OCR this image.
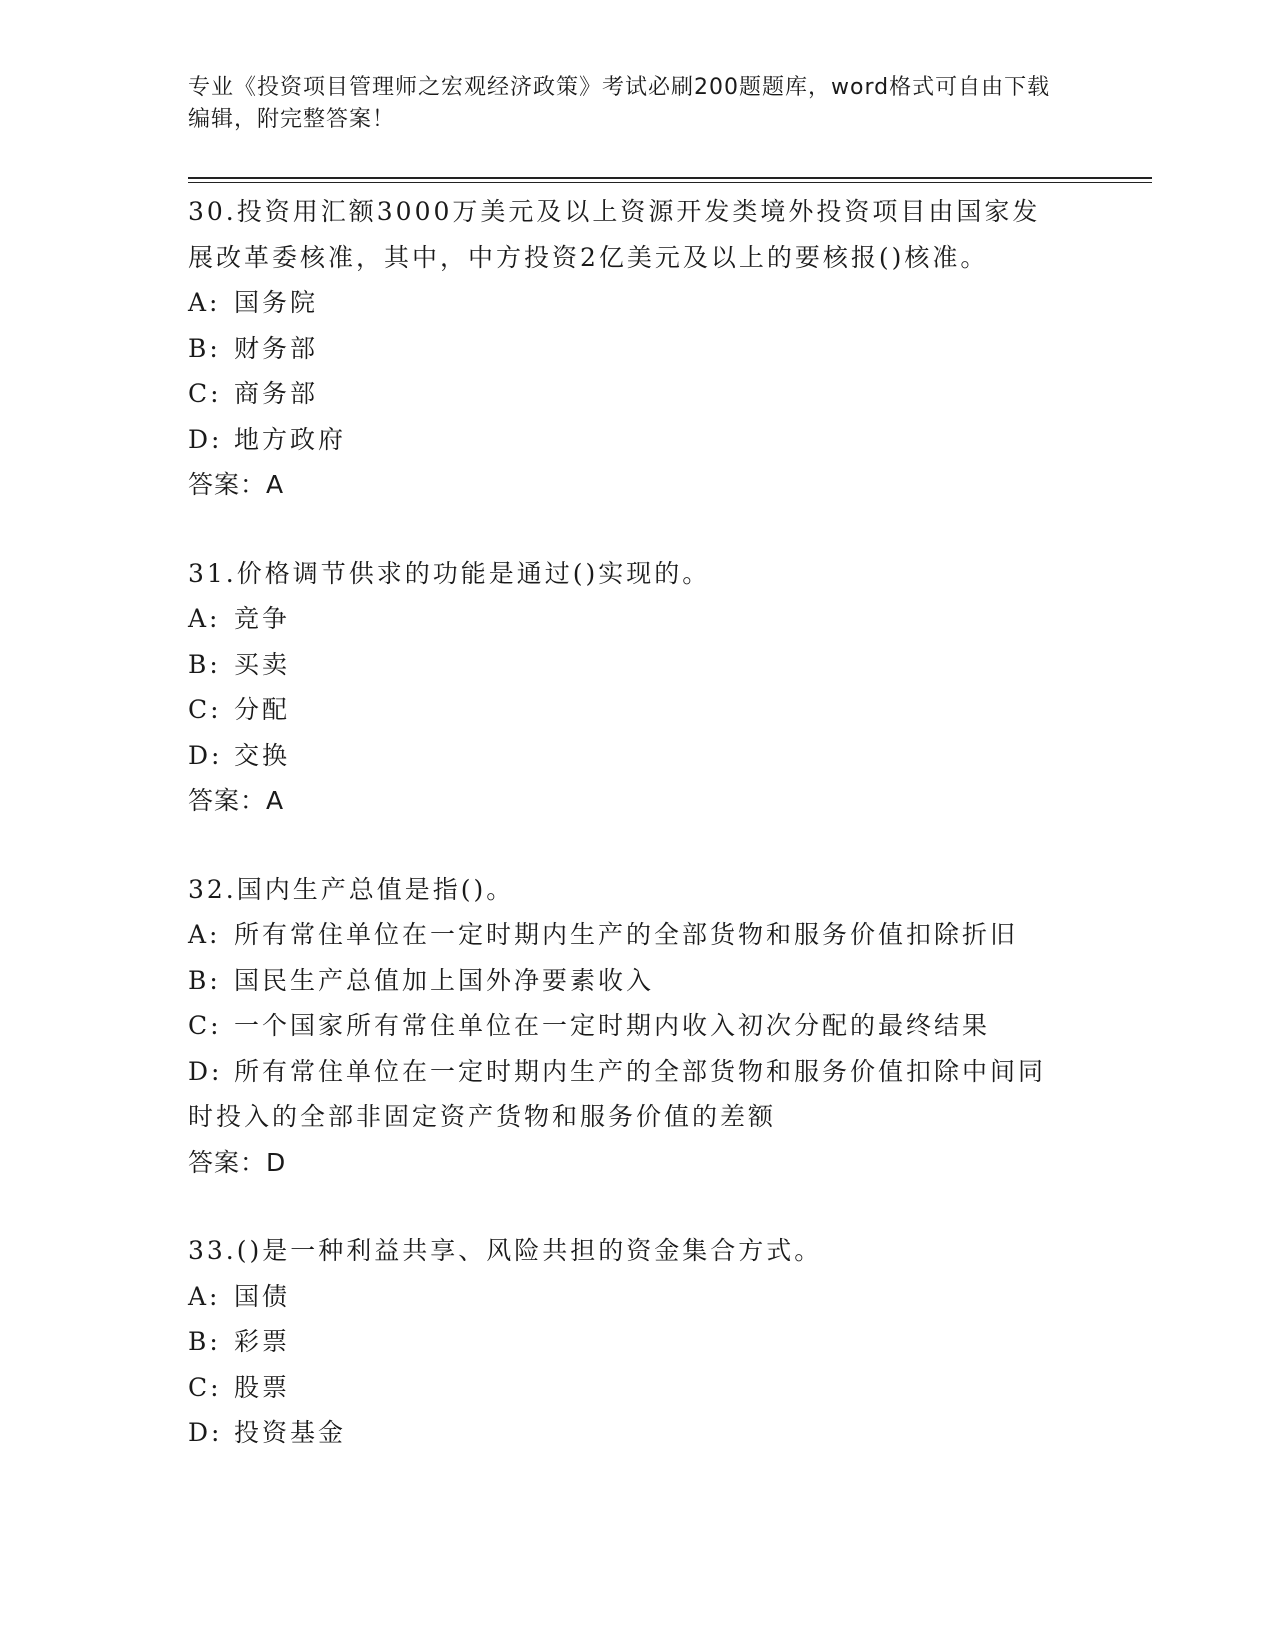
专业《投资项目管理师之宏观经济政策》考试必刷200题题库，word格式可自由下载编辑，附完整答案！
30.投资用汇额3000万美元及以上资源开发类境外投资项目由国家发展改革委核准，其中，中方投资2亿美元及以上的要核报()核准。
A: 国务院
B: 财务部
C: 商务部
D: 地方政府
答案：A
31.价格调节供求的功能是通过()实现的。
A: 竞争
B: 买卖
C: 分配
D: 交换
答案：A
32.国内生产总值是指()。
A: 所有常住单位在一定时期内生产的全部货物和服务价值扣除折旧
B: 国民生产总值加上国外净要素收入
C: 一个国家所有常住单位在一定时期内收入初次分配的最终结果
D: 所有常住单位在一定时期内生产的全部货物和服务价值扣除中间同时投入的全部非固定资产货物和服务价值的差额
答案：D
33.()是一种利益共享、风险共担的资金集合方式。
A: 国债
B: 彩票
C: 股票
D: 投资基金
